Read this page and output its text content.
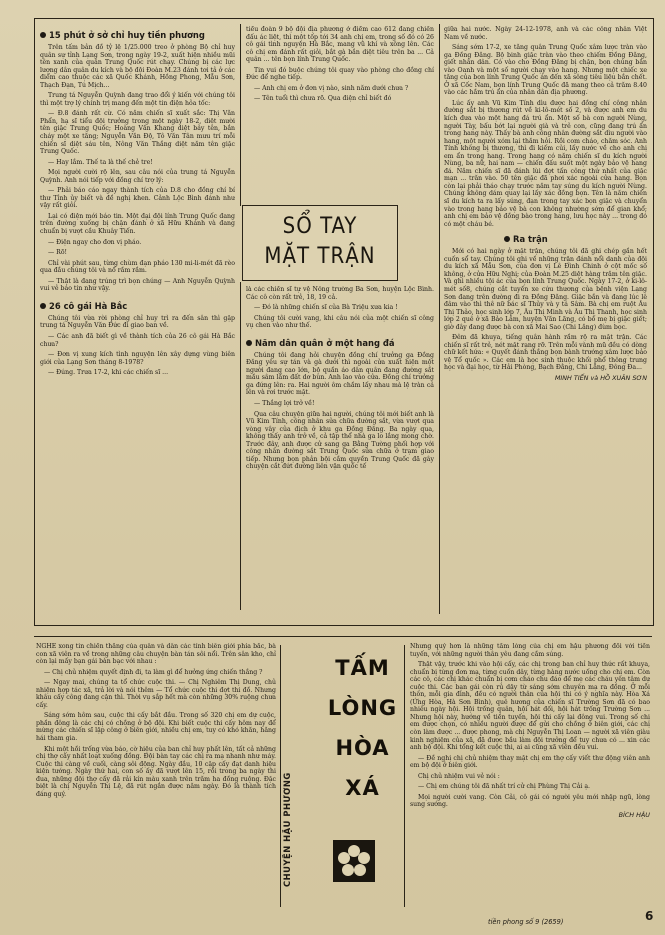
15 phút ở sở chỉ huy tiền phương

Trên tấm bản đồ tỷ lệ 1/25.000 treo ở phòng Bộ chỉ huy quân sự tỉnh Lạng Sơn, trong ngày 19-2, xuất hiện nhiều mũi tên xanh của quân Trung Quốc rút chạy. Chúng bị các lực lượng dân quân du kích và bộ đội Đoàn M.23 đánh tơi tả ở các điểm cao thuộc các xã Quốc Khánh, Hồng Phong, Mẫu Sơn, Thạch Đạn, Tú Mịch...

Trung tá Nguyễn Quỳnh đang trao đổi ý kiến với chúng tôi thì một trợ lý chính trị mang đến một tin điện hỏa tốc:

— Đ.8 đánh rất cừ. Có năm chiến sĩ xuất sắc: Thị Văn Phẩn, hạ sĩ tiểu đội trưởng trong một ngày 18-2, diệt mười tên giặc Trung Quốc; Hoàng Văn Khang diệt bảy tên, bắn cháy một xe tăng; Nguyễn Văn Độ, Tô Văn Tân mưu trí mỗi chiến sĩ diệt sáu tên, Nông Văn Thắng diệt năm tên giặc Trung Quốc.

— Hay lắm. Thế ta là thế chẻ tre!

Mọi người cười rộ lên, sau câu nói của trung tá Nguyễn Quỳnh. Anh nói tiếp với đồng chí trợ lý:

— Phải báo cáo ngay thành tích của D.8 cho đồng chí bí thư Tỉnh ủy biết và đề nghị khen. Cảnh Lộc Bình đánh như vậy rất giỏi.

Lại có điện mới báo tin. Một đại đội lính Trung Quốc đang trên đường xuống bị chặn đánh ở xã Hữu Khánh và đang chuẩn bị vượt cầu Khuây Tiến.

— Điện ngay cho đơn vị pháo.

— Rõ!

Chỉ vài phút sau, từng chùm đạn pháo 130 mi-li-mét đã rèo qua đầu chúng tôi và nổ rầm rầm.

— Thật là đang trúng trì bọn chúng — Anh Nguyễn Quỳnh vui vẻ báo tin như vậy.

26 cô gái Hà Bắc

Chúng tôi vừa rời phòng chỉ huy trì ra đến sân thì gặp trung tá Nguyễn Văn Đức đi giao ban về.

— Các anh đã biết gì về thành tích của 26 cô gái Hà Bắc chưa?

— Đơn vị xung kích tình nguyện lên xây dựng vùng biên giới của Lạng Sơn tháng 8-1978?

— Đúng. Trưa 17-2, khi các chiến sĩ ...

tiểu đoàn 9 bộ đội địa phương ở điểm cao 612 đang chiến đấu ác liệt, thì một tốp tới 34 anh chị em, trong số đó có 26 cô gái tình nguyện Hà Bắc, mang vũ khí và xông lên. Các cô chị em đánh rất giỏi, bắt gà bắn diệt tiêu trên ba ... Cả quân ... tên bọn lính Trung Quốc.

Tin vui đó buộc chúng tôi quay vào phòng cho đồng chí Đức để nghe tiếp.

— Anh chị em ở đơn vị nào, sinh năm dưới chưa ?

— Tên tuổi thì chưa rõ. Qua điện chỉ biết đó

SỔ TAY
MẶT TRẬN

là các chiến sĩ tự vệ Nông trường Ba Sơn, huyện Lộc Bình. Các cô còn rất trẻ, 18, 19 cả.

— Đó là những chiến sĩ của Bà Triệu xưa kia !

Chúng tôi cười vang, khi câu nói của một chiến sĩ công vụ chen vào như thế.

Năm dân quân ở một hang đá

Chúng tôi đang hỏi chuyện đồng chí trưởng ga Đồng Đăng yêu sự tán và gà dưới thì ngoài cửa xuất hiện một người đang cao lớn, bộ quần áo dân quân đang đường sắt mầu sâm lấm đất dơ bùn. Anh lao vào cửa. Đồng chí trưởng ga đứng lên: ra. Hai người ôm chầm lấy nhau mà lệ tràn cả lên và rơi trước mặt.

— Thắng lợi trở về!

Qua câu chuyện giữa hai người, chúng tôi mới biết anh là Vũ Kim Tính, công nhân sửa chữa đường sắt, vừa vượt qua vòng vây của địch ở khu ga Đồng Đăng. Ba ngày qua, không thấy anh trở về, cả tập thể nhà ga lo lắng mong chờ. Trước đây, anh được cử sang ga Bằng Tường phối hợp với công nhân đường sắt Trung Quốc sửa chữa ở trạm giao tiếp. Nhưng bọn phản bội cầm quyền Trung Quốc đã gây chuyện cắt đứt đường liên vận quốc tế

giữa hai nước. Ngày 24-12-1978, anh và các công nhân Việt Nam về nước.

Sáng sớm 17-2, xe tăng quân Trung Quốc xâm lược tràn vào ga Đồng Đăng. Bộ binh giặc tràn vào theo chiếm Đồng Đăng, giết nhân dân. Có vào cho Đồng Đăng bị chặn, bọn chúng bắn vào Oanh và một số người chạy vào hang. Nhưng một chiếc xe tăng của bọn lính Trung Quốc án đến xã sông tiêu liệu bắn chết. Ở xã Cốc Nam, bọn lính Trung Quốc đã mang theo cả trăm 8.40 vào các hầm trú ẩn của nhân dân địa phương.

Lúc ấy anh Vũ Kim Tính dìu được hai đồng chí công nhân đường sắt bị thương rút về ki-lô-mét số 2, và được anh em du kích đưa vào một hang đá trú ẩn. Một số bà con người Nùng, người Tày, bấu bớt lại người già và trẻ con, cũng đang trú ẩn trong hang này. Thấy bà anh công nhân đường sắt dìu người vào hang, một người xóm lại thăm hỏi. Rồi com cháo, chăm sóc. Anh Tính không bị thương, thì đi kiếm củi, lấy nước về cho anh chị em ẩn trong hang. Trong hang có năm chiến sĩ du kích người Nùng, ba nữ, hai nam — chiến đấu suốt một ngày bảo vệ hang đá. Năm chiến sĩ đã đánh lùi đợt tấn công thứ nhất của giặc mạn ... trăn vào. 50 tên giặc đã phơi xác ngoài cửa hang. Bọn còn lại phải tháo chạy trước năm tay súng du kích người Nùng. Chúng không dám quay lại lấy xác đồng bọn. Tên là năm chiến sĩ du kích ta ra lấy súng, đạn trong tay xác bọn giặc và chuyển vào trong hang bảo vệ bà con không nhường sớm để gian khổ; anh chị em bảo vệ đồng bào trong hang, lưu học này ... trong đó có một cháu bé.

Ra trận

Mới có hai ngày ở mặt trận, chúng tôi đã ghi chép gần hết cuốn sổ tay. Chúng tôi ghi về những trận đánh nổi danh của đội du kích xã Mẫu Sơn, của đơn vị Lê Đình Chinh ở cột mốc số không, ở cửa Hữu Nghị; của Đoàn M.25 diệt hàng trăm tên giặc. Và ghi nhiều tội ác của bọn lính Trung Quốc. Ngày 17-2, ở ki-lô-mét số8, chúng cắt tuyến xe cứu thương của bệnh viện Lạng Sơn đang trên đường đi ra Đồng Đăng. Giặc bắn và đang lúc lê đâm vào thì thê nữ bác sĩ Thủy và y tá Sâm. Bà chị em ruột Âu Thị Thảo, học sinh lớp 7, Âu Thị Minh và Âu Thị Thanh, học sinh lớp 2 quê ở xã Bảo Lâm, huyện Văn Lãng, có bố mẹ bị giặc giết; giờ đây đang được bà con xã Mai Sao (Chi Lăng) đùm bọc.

Đêm đã khuya, tiếng quân hành rầm rộ ra mặt trận. Các chiến sĩ rất trẻ, nét mặt rạng rỡ. Trên mỗi vành mũ đều có dòng chữ kết hứa: « Quyết đánh thắng bọn bành trướng xâm lược bảo vệ Tổ quốc ». Các em là học sinh thuộc khối phổ thông trung học và đại học, từ Hải Phòng, Bạch Đằng, Chi Lăng, Đông Đa...

MINH TIẾN và HỒ XUÂN SƠN

NGHE xong tin chiến thắng của quân và dân các tỉnh biên giới phía bắc, bà con xã viên ra về trong những câu chuyện bàn tán sôi nổi. Trên sân kho, chỉ còn lại mấy bạn gái bàn bạc với nhau :

— Chị chủ nhiệm quyết định đi, ta làm gì để hưởng ứng chiến thắng ?

— Ngay mai, chúng ta tổ chức cuộc thi. — Chị Nghiêm Thị Dung, chủ nhiệm hợp tác xã, trả lời và nói thêm — Tổ chức cuộc thi đợt thi đồ. Nhưng khâu cấy công đang cận thì. Thời vụ sắp hết mà còn những 30% ruộng chưa cấy.

Sáng sớm hôm sau, cuộc thi cấy bắt đầu. Trong số 320 chị em dự cuộc, phần đông là các chị có chồng ở bộ đội. Khi biết cuộc thi cấy hôm nay để mừng các chiến sĩ lập công ở biên giới, nhiều chị em, tuy có khó khăn, hăng hái tham gia.

Khi một hồi trống vừa báo, cờ hiệu của ban chỉ huy phất lên, tất cả những chị thợ cấy nhất loạt xuống đồng. Đội bàn tay các chị ra mạ nhanh như máy. Cuộc thi càng về cuối, càng sôi động. Ngày đầu, 10 cặp cấy đạt danh hiệu kiện tướng. Ngày thứ hai, con số ấy đã vượt lên 15, rồi trong ba ngày thi đua, những đội thợ cấy đã rải kín màu xanh trên trăm ha đồng ruộng. Đặc biệt là chị Nguyễn Thị Lệ, đã rút ngắn được năm ngày. Đó là thành tích đáng quý.

TẤM
LÒNG
HÒA
XÁ
CHUYỆN HẬU PHƯƠNG

Nhưng quý hơn là những tấm lòng của chị em hậu phương đối với tiền tuyến, với những người thân yêu đang cầm súng.

Thật vậy, trước khi vào hội cấy, các chị trong ban chỉ huy thức rất khuya, chuẩn bị từng đơn mạ, từng cuốn dây, từng hàng nước uống cho chị em. Còn các cô, các chị khác chuẩn bị cơm cháo chu đáo để mẹ các cháu yên tâm dự cuộc thi. Các bạn gái còn rủ dậy từ sáng sớm chuyên mạ ra đồng. Ở mỗi thôn, mỗi gia đình, đều có người thân của hội thi có ý nghĩa này. Hòa Xá (Ứng Hòa, Hà Sơn Bình), quê hương của chiến sĩ Trường Sơn đã có bao nhiêu ngày hội. Hội trống quân, hội hát đối, hội hát trống Trường Sơn ... Nhưng hội này, hướng về tiền tuyến, hội thi cấy lại đông vui. Trong số chị em được chọn, có nhiều người được để gửi cho chồng ở biên giới, các chị còn làm được ... được phong, mà chị Nguyễn Thị Loan — người xã viên giàu kinh nghiệm của xã, đã được bầu làm đội trưởng để tuy chưa có ... xin các anh bộ đội. Khi tổng kết cuộc thi, ai ai cũng xã viên đều vui.

— Đề nghị chị chủ nhiệm thay mặt chị em thợ cấy viết thư động viên anh em bộ đội ở biên giới.

Chị chủ nhiệm vui vẻ nói :

— Chị em chúng tôi đã nhất trí cử chị Phùng Thị Cải ạ.

Mọi người cười vang. Còn Cải, cô gái có người yêu mới nhập ngũ, lòng sung sướng.

BÍCH HẬU
tiền phong số 9 (2659)	6
